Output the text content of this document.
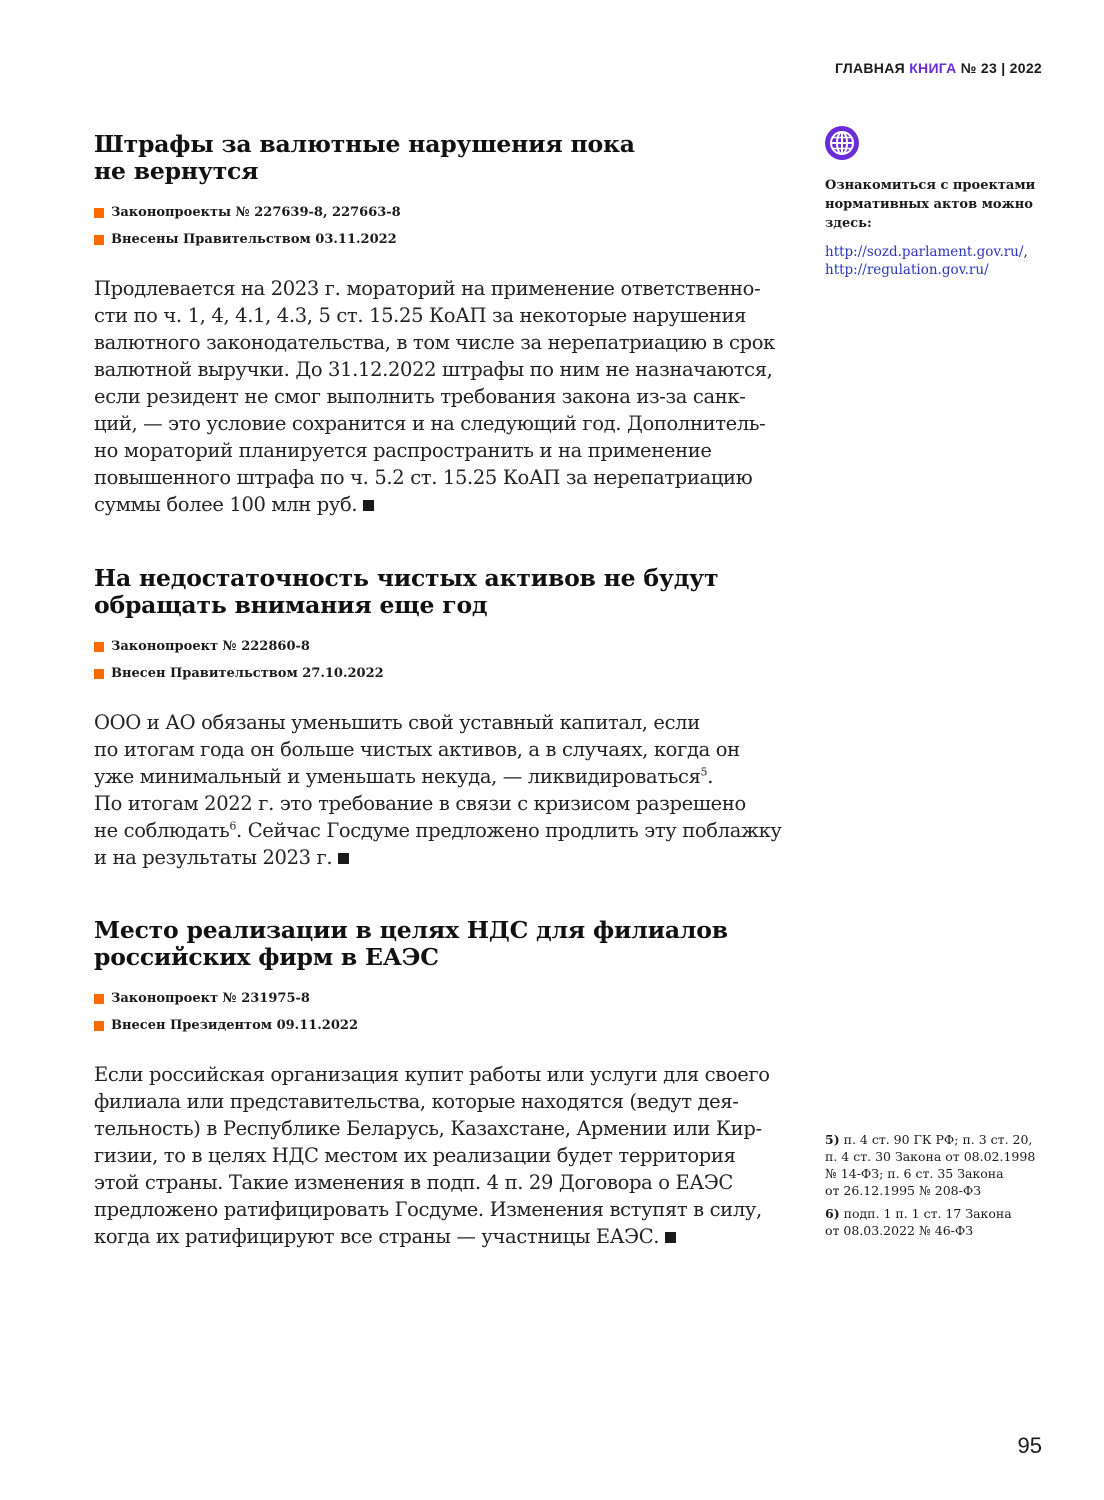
ГЛАВНАЯ КНИГА № 23 | 2022
Штрафы за валютные нарушения пока
не вернутся
Законопроекты № 227639-8, 227663-8
Внесены Правительством 03.11.2022

Продлевается на 2023 г. мораторий на применение ответственно-
сти по ч. 1, 4, 4.1, 4.3, 5 ст. 15.25 КоАП за некоторые нарушения
валютного законодательства, в том числе за нерепатриацию в срок
валютной выручки. До 31.12.2022 штрафы по ним не назначаются,
если резидент не смог выполнить требования закона из-за санк-
ций, — это условие сохранится и на следующий год. Дополнитель-
но мораторий планируется распространить и на применение
повышенного штрафа по ч. 5.2 ст. 15.25 КоАП за нерепатриацию
суммы более 100 млн руб.

На недостаточность чистых активов не будут
обращать внимания еще год
Законопроект № 222860-8
Внесен Правительством 27.10.2022

ООО и АО обязаны уменьшить свой уставный капитал, если
по итогам года он больше чистых активов, а в случаях, когда он
уже минимальный и уменьшать некуда, — ликвидироваться$^5$.
По итогам 2022 г. это требование в связи с кризисом разрешено
не соблюдать$^6$. Сейчас Госдуме предложено продлить эту поблажку
и на результаты 2023 г.

Место реализации в целях НДС для филиалов
российских фирм в ЕАЭС
Законопроект № 231975-8
Внесен Президентом 09.11.2022

Если российская организация купит работы или услуги для своего
филиала или представительства, которые находятся (ведут дея-
тельность) в Республике Беларусь, Казахстане, Армении или Кир-
гизии, то в целях НДС местом их реализации будет территория
этой страны. Такие изменения в подп. 4 п. 29 Договора о ЕАЭС
предложено ратифицировать Госдуме. Изменения вступят в силу,
когда их ратифицируют все страны — участницы ЕАЭС.

Ознакомиться с проектами нормативных актов можно здесь:
http://sozd.parlament.gov.ru/,
http://regulation.gov.ru/
5) п. 4 ст. 90 ГК РФ; п. 3 ст. 20,
п. 4 ст. 30 Закона от 08.02.1998
№ 14-ФЗ; п. 6 ст. 35 Закона
от 26.12.1995 № 208-ФЗ
6) подп. 1 п. 1 ст. 17 Закона
от 08.03.2022 № 46-ФЗ
95
